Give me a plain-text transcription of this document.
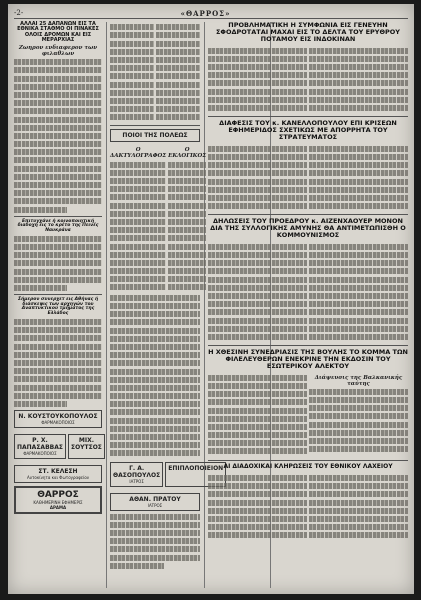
-2-	«ΘΑΡΡΟΣ»
ΑΛΛΑΙ 25 ΔΑΠΑΝΩΝ ΕΙΣ ΤΑ ΕΘΝΙΚΑ ΣΤΑΘΜΟ ΟΙ ΠΙΝΑΚΕΣ ΟΛΟΙΣ ΔΡΟΜΩΝ ΚΑΙ ΕΙΣ ΜΕΡΑΡΧΙΑΣ
Ζωηρον ενδιαφερον των φιλαθλων
Επιτυγχάνε ή κοινοποιητική διαδοχή εις το κρέτο της Πεινές Ναυκράνα
Σήμερον συνερχετ εις Αθήνας ή διάσκεψις των αρχηγών του Αναπτυκτικού τμήματος της Ελλάδος
Ν. ΚΟΥΣΤΟΥΚΟΠΟΥΛΟΣ
ΦΑΡΜΑΚΟΠΟΙΟΣ
Ρ. Χ. ΠΑΠΑΣΑΒΒΑΣ
ΦΑΡΜΑΚΟΠΟΙΟΣ
ΜΙΧ. ΣΟΥΤΣΟΣ
ΣΤ. ΚΕΛΕΣΗ
Αυτοκίνητα και Φωτογραφείον
ΘΑΡΡΟΣ
ΚΑΘΗΜΕΡΙΝΗ ΕΦΗΜΕΡΙΣ
ΔΡΑΜΑ
ΠΟΙΟΙ ΤΗΣ ΠΟΛΕΩΣ
Ο ΔΑΚΤΥΛΟΓΡΑΦΟΣ
Ο ΕΚΛΟΓΙΚΟΣ
Γ. Α. ΘΑΣΟΠΟΥΛΟΣ
ΙΑΤΡΟΣ
ΕΠΙΠΛΟΠΟΙΕΙΟΝ
ΑΘΑΝ. ΠΡΑΤΟΥ
ΙΑΤΡΟΣ
ΠΡΟΒΛΗΜΑΤΙΚΗ Η ΣΥΜΦΩΝΙΑ ΕΙΣ ΓΕΝΕΥΗΝ ΣΦΟΔΡΟΤΑΤΑΙ ΜΑΧΑΙ ΕΙΣ ΤΟ ΔΕΛΤΑ ΤΟΥ ΕΡΥΘΡΟΥ ΠΟΤΑΜΟΥ ΕΙΣ ΙΝΔΟΚΙΝΑΝ
ΔΙΑΦΕΣΙΣ ΤΟΥ κ. ΚΑΝΕΛΛΟΠΟΥΛΟΥ ΕΠΙ ΚΡΙΣΕΩΝ ΕΦΗΜΕΡΙΔΟΣ ΣΧΕΤΙΚΩΣ ΜΕ ΑΠΟΡΡΗΤΑ ΤΟΥ ΣΤΡΑΤΕΥΜΑΤΟΣ
ΔΗΛΩΣΕΙΣ ΤΟΥ ΠΡΟΕΔΡΟΥ κ. ΑΙΖΕΝΧΑΟΥΕΡ ΜΟΝΟΝ ΔΙΑ ΤΗΣ ΣΥΛΛΟΓΙΚΗΣ ΑΜΥΝΗΣ ΘΑ ΑΝΤΙΜΕΤΩΠΙΣΘΗ Ο ΚΟΜΜΟΥΝΙΣΜΟΣ
Η ΧΘΕΣΙΝΗ ΣΥΝΕΔΡΙΑΣΙΣ ΤΗΣ ΒΟΥΛΗΣ ΤΟ ΚΟΜΜΑ ΤΩΝ ΦΙΛΕΛΕΥΘΕΡΩΝ ΕΝΕΚΡΙΝΕ ΤΗΝ ΕΚΔΟΣΙΝ ΤΟΥ ΕΣΩΤΕΡΙΚΟΥ ΑΛΕΚΤΟΥ
Διάψευσις της Βαλκανικής ταύτης
ΑΙ ΔΙΑΔΟΧΙΚΑΙ ΚΛΗΡΩΣΕΙΣ ΤΟΥ ΕΘΝΙΚΟΥ ΛΑΧΕΙΟΥ
